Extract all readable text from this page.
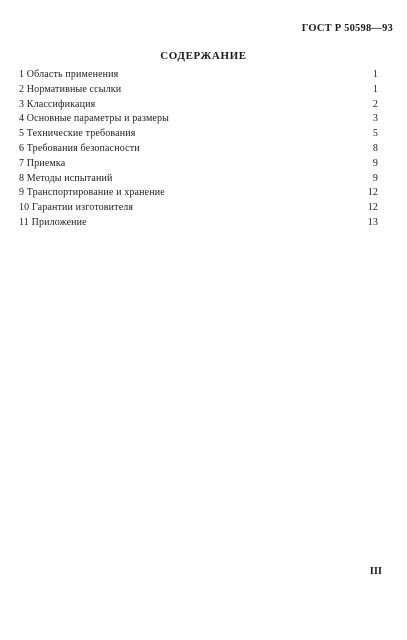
ГОСТ Р 50598—93
СОДЕРЖАНИЕ
1 Область применения	1
2 Нормативные ссылки	1
3 Классификация	2
4 Основные параметры и размеры	3
5 Технические требования	5
6 Требования безопасности	8
7 Приемка	9
8 Методы испытаний	9
9 Транспортирование и хранение	12
10 Гарантии изготовителя	12
11 Приложение	13
III
